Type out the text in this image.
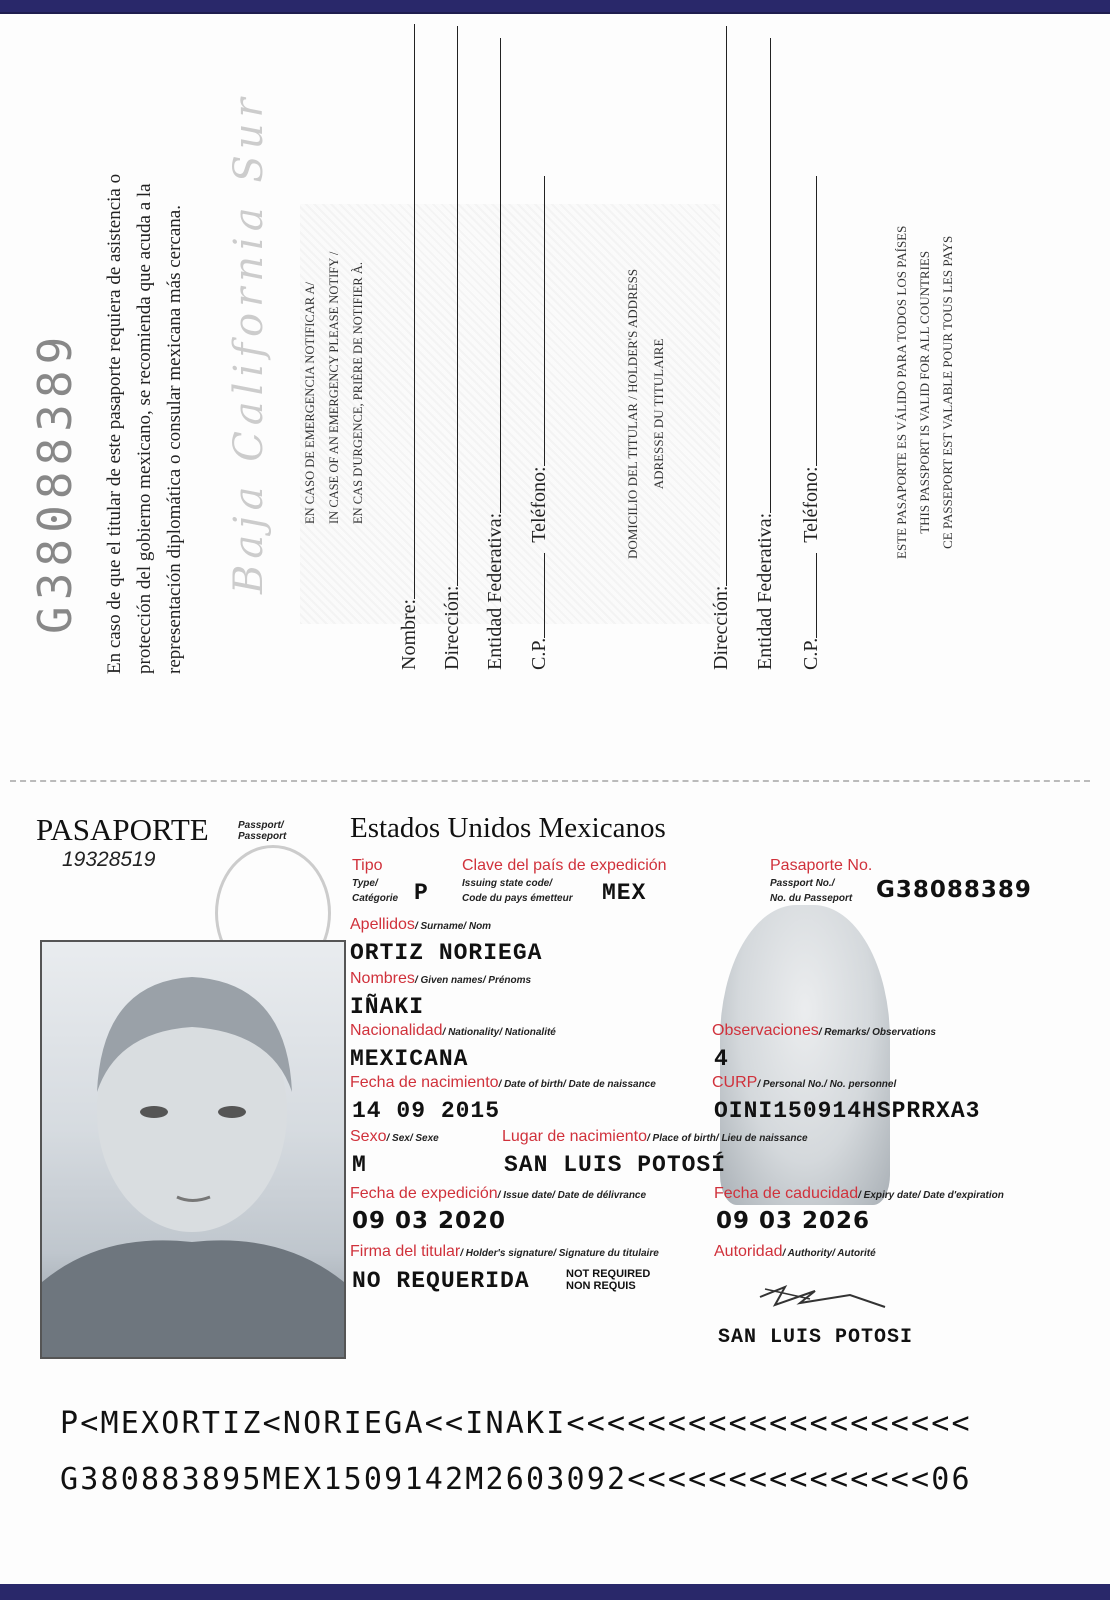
G38088389 En caso de que el titular de este pasaporte requiera de asistencia o protección del gobierno mexicano, se recomienda que acuda a la representación diplomática o consular mexicana más cercana. Baja California Sur	EN CASO DE EMERGENCIA NOTIFICAR A/ IN CASE OF AN EMERGENCY PLEASE NOTIFY / EN CAS D'URGENCE, PRIÈRE DE NOTIFIER À.
Nombre: Dirección: Entidad Federativa: C.P.  Teléfono:	DOMICILIO DEL TITULAR / HOLDER'S ADDRESS ADRESSE DU TITULAIRE
Dirección: Entidad Federativa: C.P.  Teléfono:	ESTE PASAPORTE ES VÁLIDO PARA TODOS LOS PAÍSES THIS PASSPORT IS VALID FOR ALL COUNTRIES CE PASSEPORT EST VALABLE POUR TOUS LES PAYS
PASAPORTE	Passport/
Passeport
19328519
Estados Unidos Mexicanos
Tipo
Type/
Catégorie P
Clave del país de expedición
Issuing state code/
Code du pays émetteur MEX
Pasaporte No.
Passport No./
No. du Passeport G38088389
Apellidos/ Surname/ Nom
ORTIZ NORIEGA
Nombres/ Given names/ Prénoms
IÑAKI
Nacionalidad/ Nationality/ Nationalité
MEXICANA
Observaciones/ Remarks/ Observations
4
Fecha de nacimiento/ Date of birth/ Date de naissance
14 09 2015
CURP/ Personal No./ No. personnel
OINI150914HSPRRXA3
Sexo/ Sex/ Sexe
M
Lugar de nacimiento/ Place of birth/ Lieu de naissance
SAN LUIS POTOSÍ
Fecha de expedición/ Issue date/ Date de délivrance
09 03 2020
Fecha de caducidad/ Expiry date/ Date d'expiration
09 03 2026
Firma del titular/ Holder's signature/ Signature du titulaire
NO REQUERIDA	NOT REQUIRED
NON REQUIS
Autoridad/ Authority/ Autorité
SAN LUIS POTOSI
P<MEXORTIZ<NORIEGA<<INAKI<<<<<<<<<<<<<<<<<<<<
G380883895MEX1509142M2603092<<<<<<<<<<<<<<<06
